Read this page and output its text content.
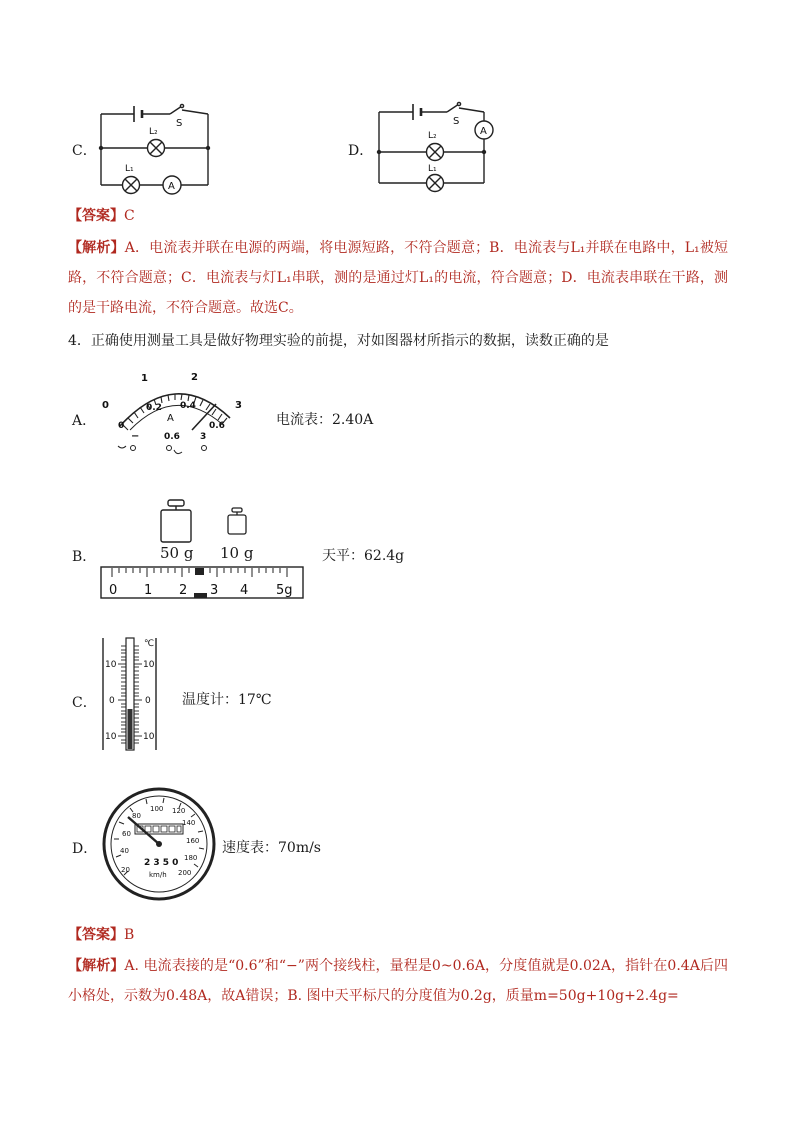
C．
S
L₂
L₁
A
D．
S
A
L₂
L₁
【答案】C
【解析】A．电流表并联在电源的两端，将电源短路，不符合题意；B．电流表与L₁并联在电路中，L₁被短路，不符合题意；C．电流表与灯L₁串联，测的是通过灯L₁的电流，符合题意；D．电流表串联在干路，测的是干路电流，不符合题意。故选C。
4．正确使用测量工具是做好物理实验的前提，对如图器材所指示的数据，读数正确的是
A．
0
1	2
3
0
0.2 0.4
0.6
A
−	0.6 3
电流表：2.40A
B．	50 g 10 g
0 1 2 3 4 5g
天平：62.4g
C．
℃
10	10
0	0
10	10
温度计：17℃
D．
20
40
60
80
100 120
140
160
180
200
2 3 5 0
km/h
速度表：70m/s
【答案】B
【解析】A. 电流表接的是“0.6”和“−”两个接线柱，量程是0~0.6A，分度值就是0.02A，指针在0.4A后四小格处，示数为0.48A，故A错误；B. 图中天平标尺的分度值为0.2g，质量m=50g+10g+2.4g=
